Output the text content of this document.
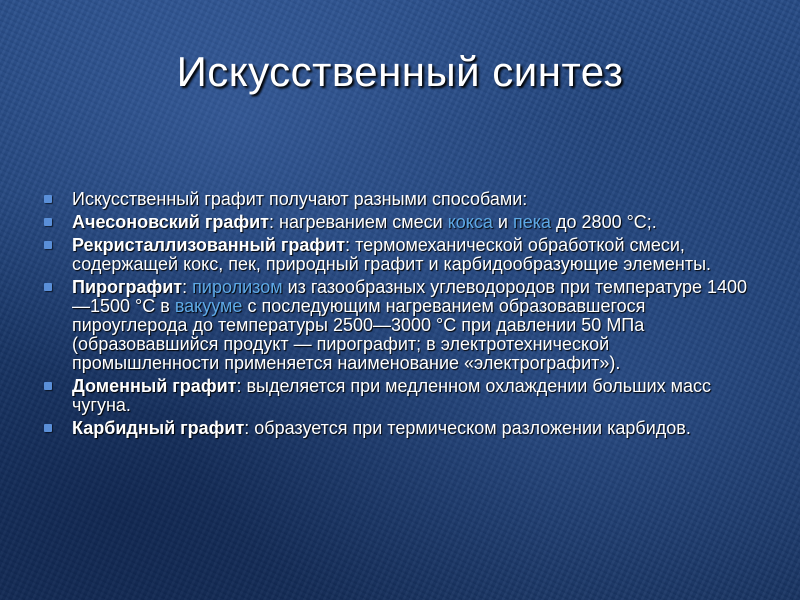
Искусственный синтез
Искусственный графит получают разными способами:
Ачесоновский графит: нагреванием смеси кокса и пека до 2800 °С;.
Рекристаллизованный графит: термомеханической обработкой смеси, содержащей кокс, пек, природный графит и карбидообразующие элементы.
Пирографит: пиролизом из газообразных углеводородов при температуре 1400—1500 °С в вакууме с последующим нагреванием образовавшегося пироуглерода до температуры 2500—3000 °С при давлении 50 МПа (образовавшийся продукт — пирографит; в электротехнической промышленности применяется наименование «электрографит»).
Доменный графит: выделяется при медленном охлаждении больших масс чугуна.
Карбидный графит: образуется при термическом разложении карбидов.
